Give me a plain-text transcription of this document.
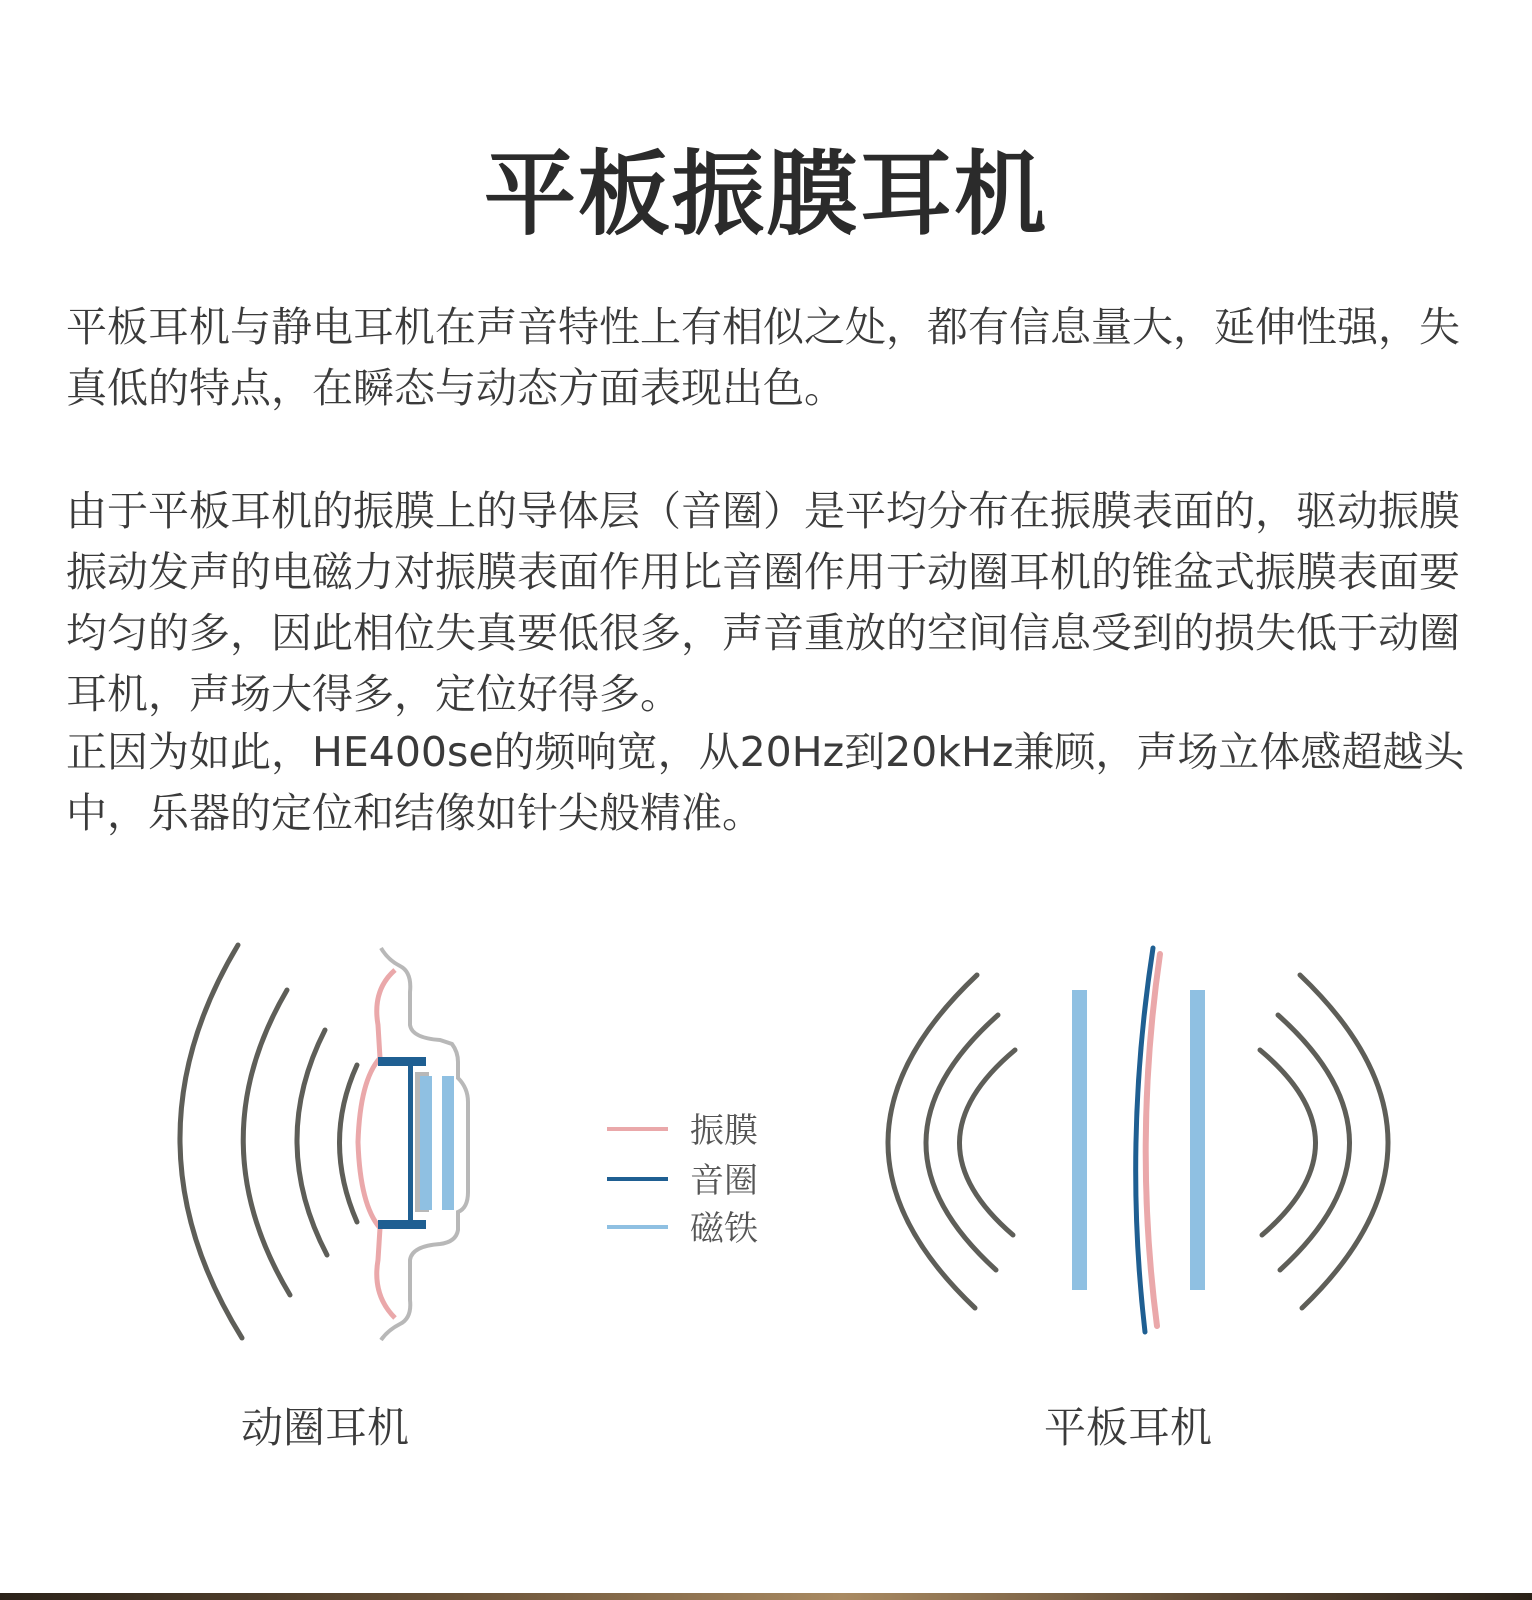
平板振膜耳机

平板耳机与静电耳机在声音特性上有相似之处，都有信息量大，延伸性强，失真低的特点，在瞬态与动态方面表现出色。

由于平板耳机的振膜上的导体层（音圈）是平均分布在振膜表面的，驱动振膜振动发声的电磁力对振膜表面作用比音圈作用于动圈耳机的锥盆式振膜表面要均匀的多，因此相位失真要低很多，声音重放的空间信息受到的损失低于动圈耳机，声场大得多，定位好得多。

正因为如此，HE400se的频响宽，从20Hz到20kHz兼顾，声场立体感超越头中，乐器的定位和结像如针尖般精准。

振膜
音圈
磁铁
动圈耳机	平板耳机
